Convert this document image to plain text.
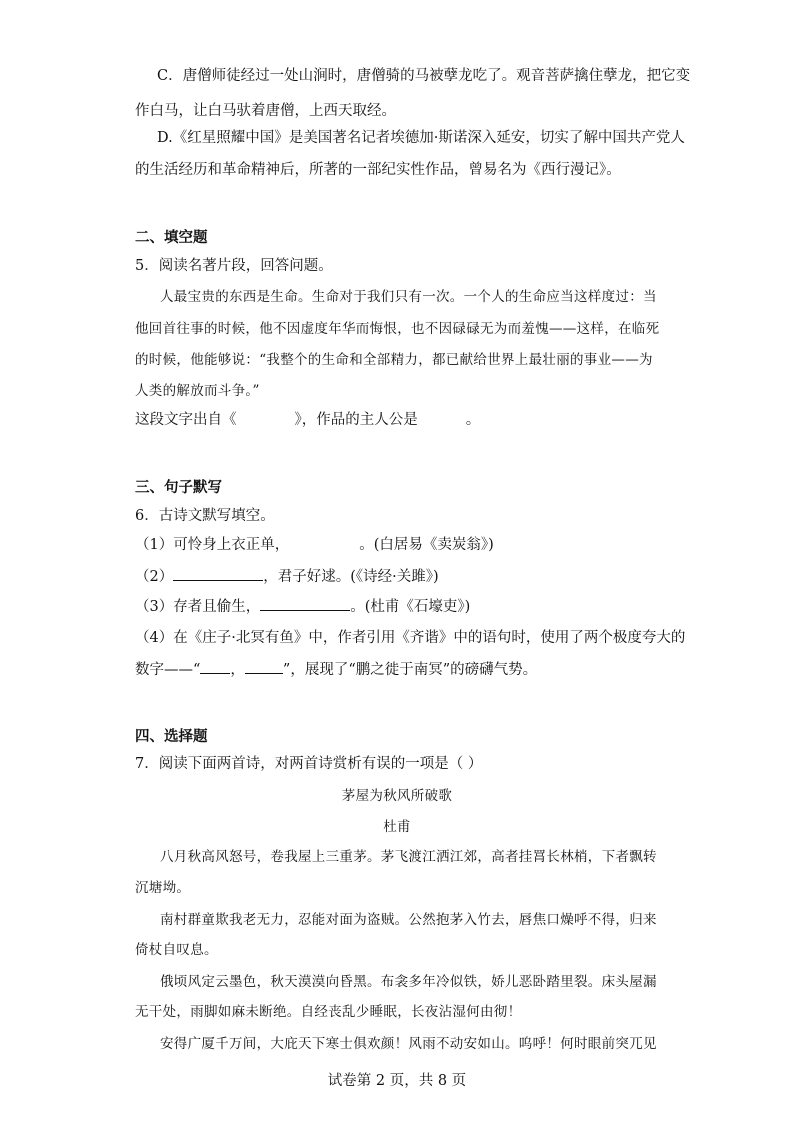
C．唐僧师徒经过一处山涧时，唐僧骑的马被孽龙吃了。观音菩萨擒住孽龙，把它变
作白马，让白马驮着唐僧，上西天取经。
D.《红星照耀中国》是美国著名记者埃德加·斯诺深入延安，切实了解中国共产党人
的生活经历和革命精神后，所著的一部纪实性作品，曾易名为《西行漫记》。
二、填空题
5．阅读名著片段，回答问题。
人最宝贵的东西是生命。生命对于我们只有一次。一个人的生命应当这样度过：当
他回首往事的时候，他不因虚度年华而悔恨，也不因碌碌无为而羞愧——这样，在临死
的时候，他能够说：“我整个的生命和全部精力，都已献给世界上最壮丽的事业——为
人类的解放而斗争。”
这段文字出自《	》，作品的主人公是	。
三、句子默写
6．古诗文默写填空。
（1）可怜身上衣正单，	。(白居易《卖炭翁》)
（2）	，君子好逑。(《诗经·关雎》)
（3）存者且偷生，	。(杜甫《石壕吏》)
（4）在《庄子·北冥有鱼》中，作者引用《齐谐》中的语句时，使用了两个极度夸大的
数字——“ ，	”，展现了“鹏之徙于南冥”的磅礴气势。
四、选择题
7．阅读下面两首诗，对两首诗赏析有误的一项是（ ）
茅屋为秋风所破歌
杜甫
八月秋高风怒号，卷我屋上三重茅。茅飞渡江洒江郊，高者挂罥长林梢，下者飘转
沉塘坳。
南村群童欺我老无力，忍能对面为盗贼。公然抱茅入竹去，唇焦口燥呼不得，归来
倚杖自叹息。
俄顷风定云墨色，秋天漠漠向昏黑。布衾多年冷似铁，娇儿恶卧踏里裂。床头屋漏
无干处，雨脚如麻未断绝。自经丧乱少睡眠，长夜沾湿何由彻！
安得广厦千万间，大庇天下寒士俱欢颜！风雨不动安如山。呜呼！何时眼前突兀见
试卷第 2 页，共 8 页
